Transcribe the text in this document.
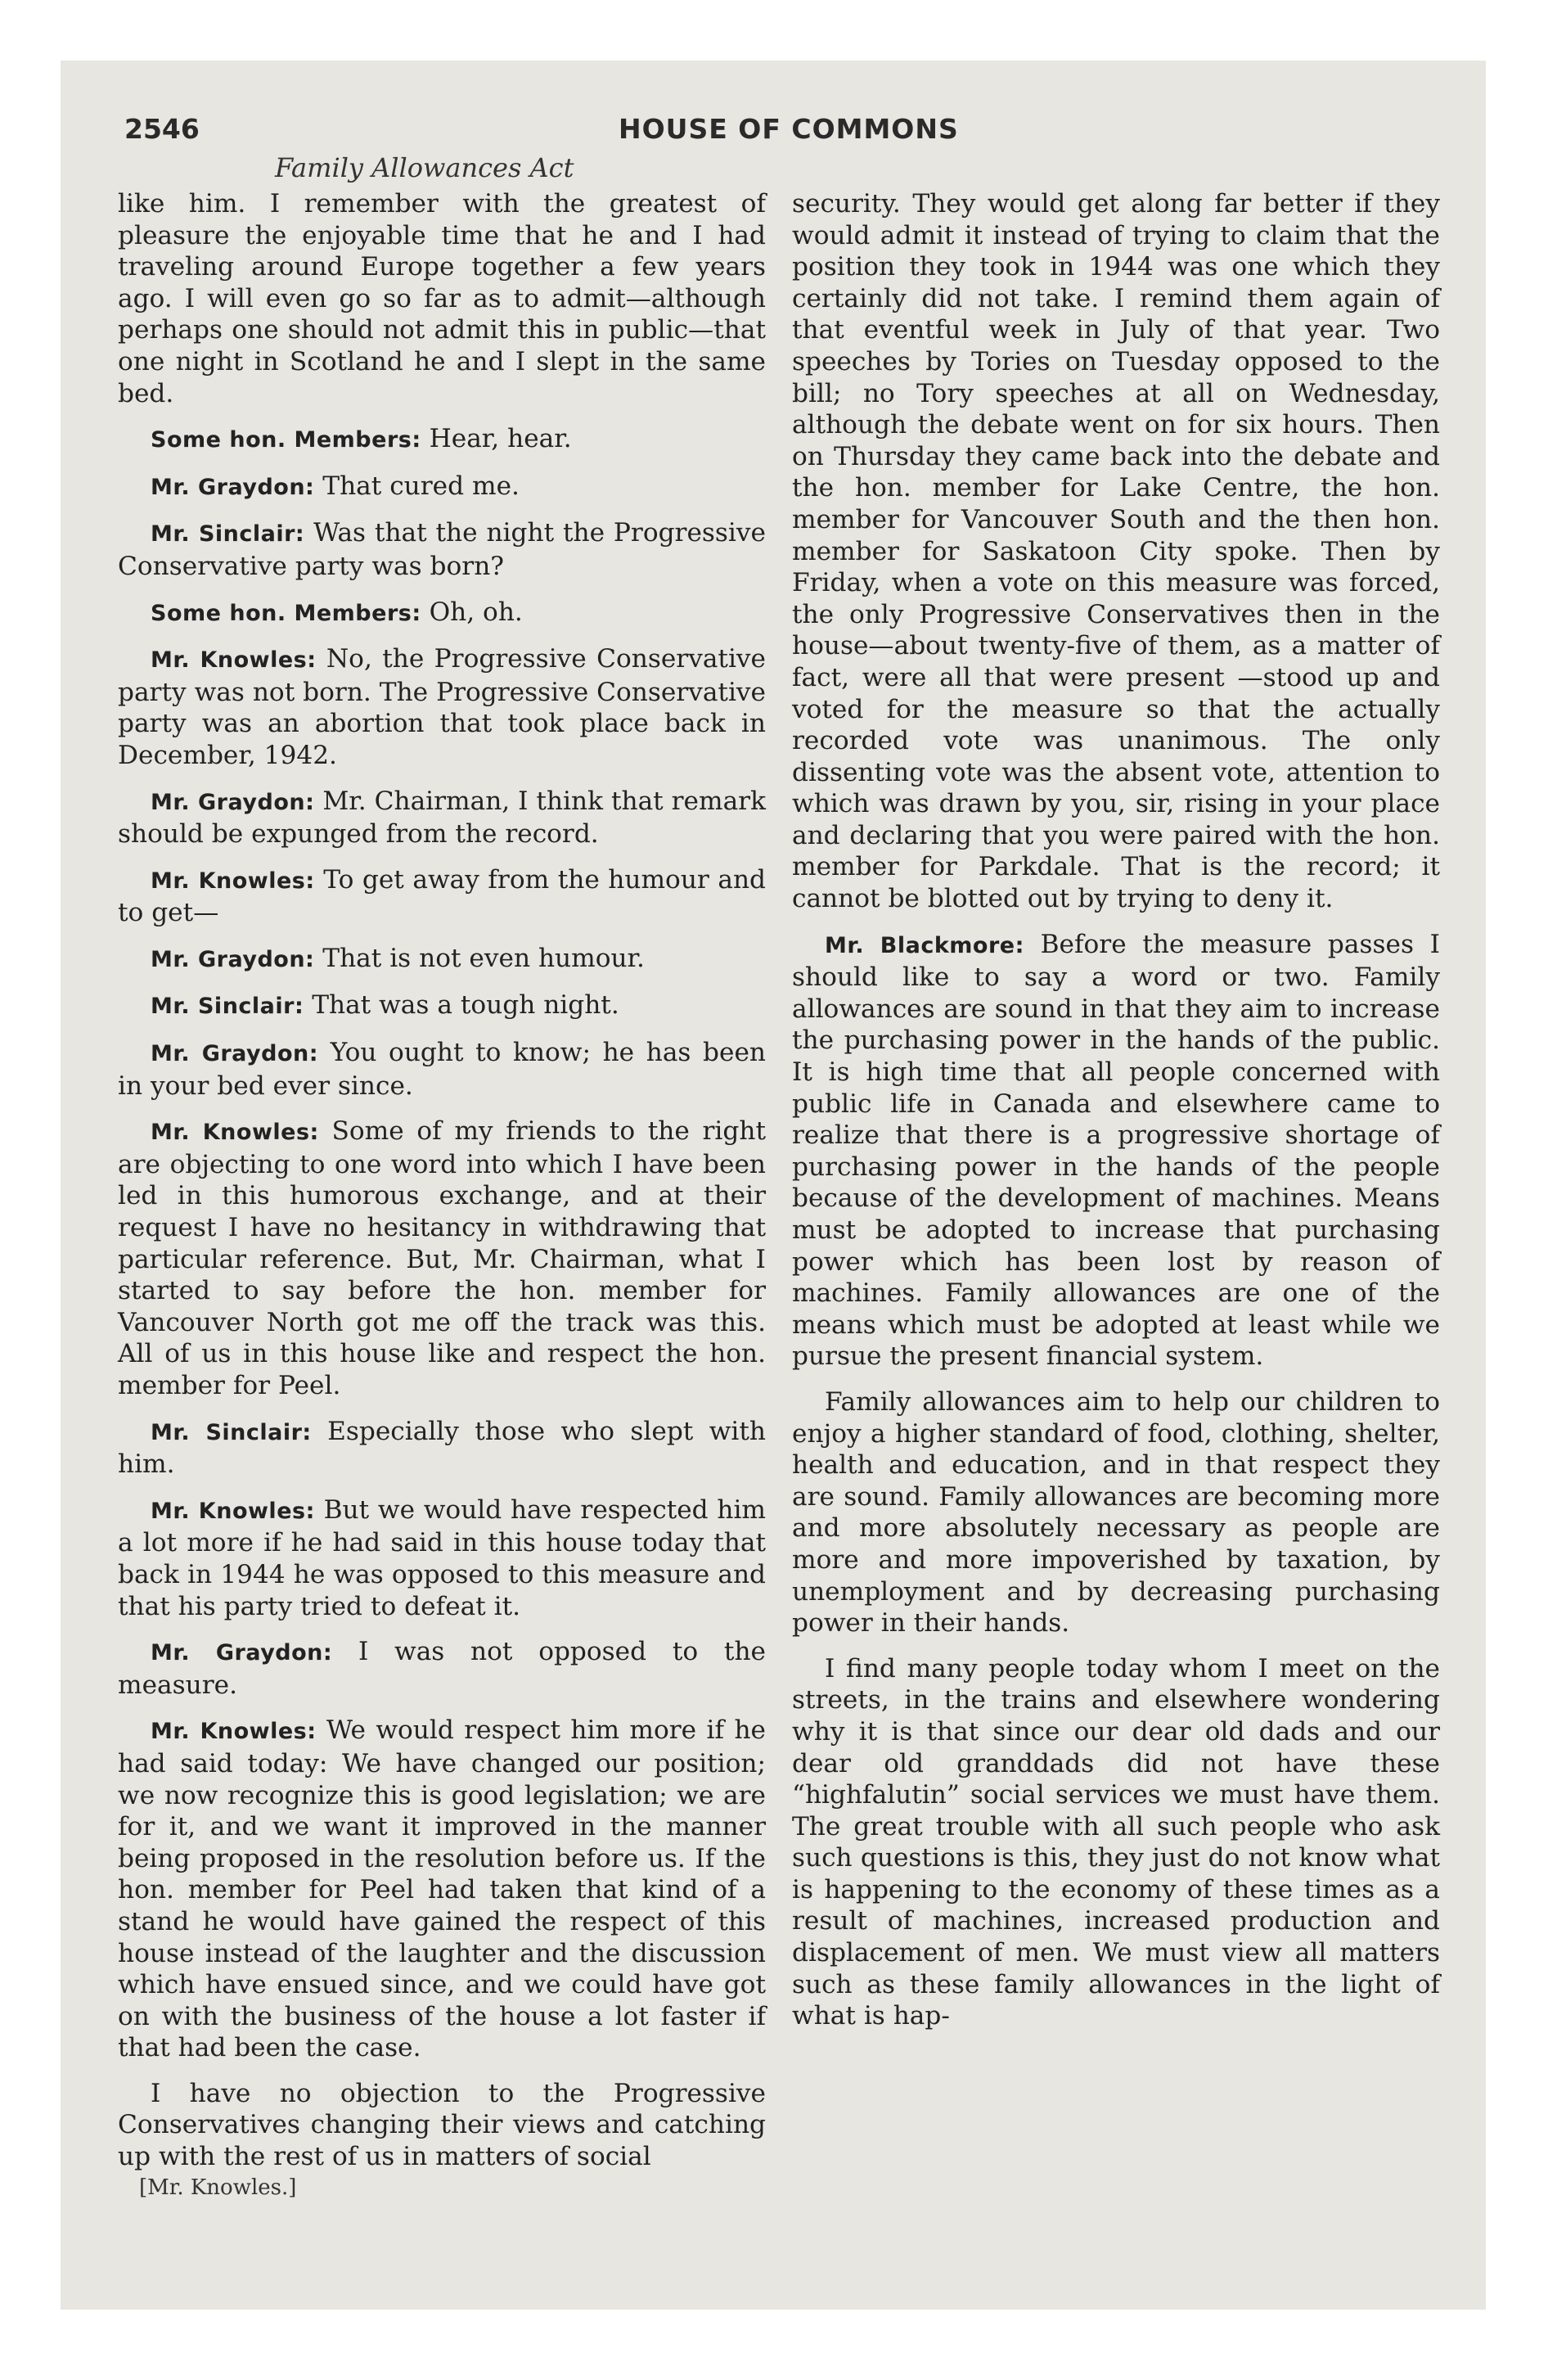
2546	HOUSE OF COMMONS
Family Allowances Act

like him. I remember with the greatest of pleasure the enjoyable time that he and I had traveling around Europe together a few years ago. I will even go so far as to admit—although perhaps one should not admit this in public—that one night in Scotland he and I slept in the same bed.

Some hon. Members: Hear, hear.

Mr. Graydon: That cured me.

Mr. Sinclair: Was that the night the Progressive Conservative party was born?

Some hon. Members: Oh, oh.

Mr. Knowles: No, the Progressive Conservative party was not born. The Progressive Conservative party was an abortion that took place back in December, 1942.

Mr. Graydon: Mr. Chairman, I think that remark should be expunged from the record.

Mr. Knowles: To get away from the humour and to get—

Mr. Graydon: That is not even humour.

Mr. Sinclair: That was a tough night.

Mr. Graydon: You ought to know; he has been in your bed ever since.

Mr. Knowles: Some of my friends to the right are objecting to one word into which I have been led in this humorous exchange, and at their request I have no hesitancy in withdrawing that particular reference. But, Mr. Chairman, what I started to say before the hon. member for Vancouver North got me off the track was this. All of us in this house like and respect the hon. member for Peel.

Mr. Sinclair: Especially those who slept with him.

Mr. Knowles: But we would have respected him a lot more if he had said in this house today that back in 1944 he was opposed to this measure and that his party tried to defeat it.

Mr. Graydon: I was not opposed to the measure.

Mr. Knowles: We would respect him more if he had said today: We have changed our position; we now recognize this is good legislation; we are for it, and we want it improved in the manner being proposed in the resolution before us. If the hon. member for Peel had taken that kind of a stand he would have gained the respect of this house instead of the laughter and the discussion which have ensued since, and we could have got on with the business of the house a lot faster if that had been the case.

I have no objection to the Progressive Conservatives changing their views and catching up with the rest of us in matters of social

security. They would get along far better if they would admit it instead of trying to claim that the position they took in 1944 was one which they certainly did not take. I remind them again of that eventful week in July of that year. Two speeches by Tories on Tuesday opposed to the bill; no Tory speeches at all on Wednesday, although the debate went on for six hours. Then on Thursday they came back into the debate and the hon. member for Lake Centre, the hon. member for Vancouver South and the then hon. member for Saskatoon City spoke. Then by Friday, when a vote on this measure was forced, the only Progressive Conservatives then in the house—about twenty-five of them, as a matter of fact, were all that were present —stood up and voted for the measure so that the actually recorded vote was unanimous. The only dissenting vote was the absent vote, attention to which was drawn by you, sir, rising in your place and declaring that you were paired with the hon. member for Parkdale. That is the record; it cannot be blotted out by trying to deny it.

Mr. Blackmore: Before the measure passes I should like to say a word or two. Family allowances are sound in that they aim to increase the purchasing power in the hands of the public. It is high time that all people concerned with public life in Canada and elsewhere came to realize that there is a progressive shortage of purchasing power in the hands of the people because of the development of machines. Means must be adopted to increase that purchasing power which has been lost by reason of machines. Family allowances are one of the means which must be adopted at least while we pursue the present financial system.

Family allowances aim to help our children to enjoy a higher standard of food, clothing, shelter, health and education, and in that respect they are sound. Family allowances are becoming more and more absolutely necessary as people are more and more impoverished by taxation, by unemployment and by decreasing purchasing power in their hands.

I find many people today whom I meet on the streets, in the trains and elsewhere wondering why it is that since our dear old dads and our dear old granddads did not have these “highfalutin” social services we must have them. The great trouble with all such people who ask such questions is this, they just do not know what is happening to the economy of these times as a result of machines, increased production and displacement of men. We must view all matters such as these family allowances in the light of what is hap-

[Mr. Knowles.]
